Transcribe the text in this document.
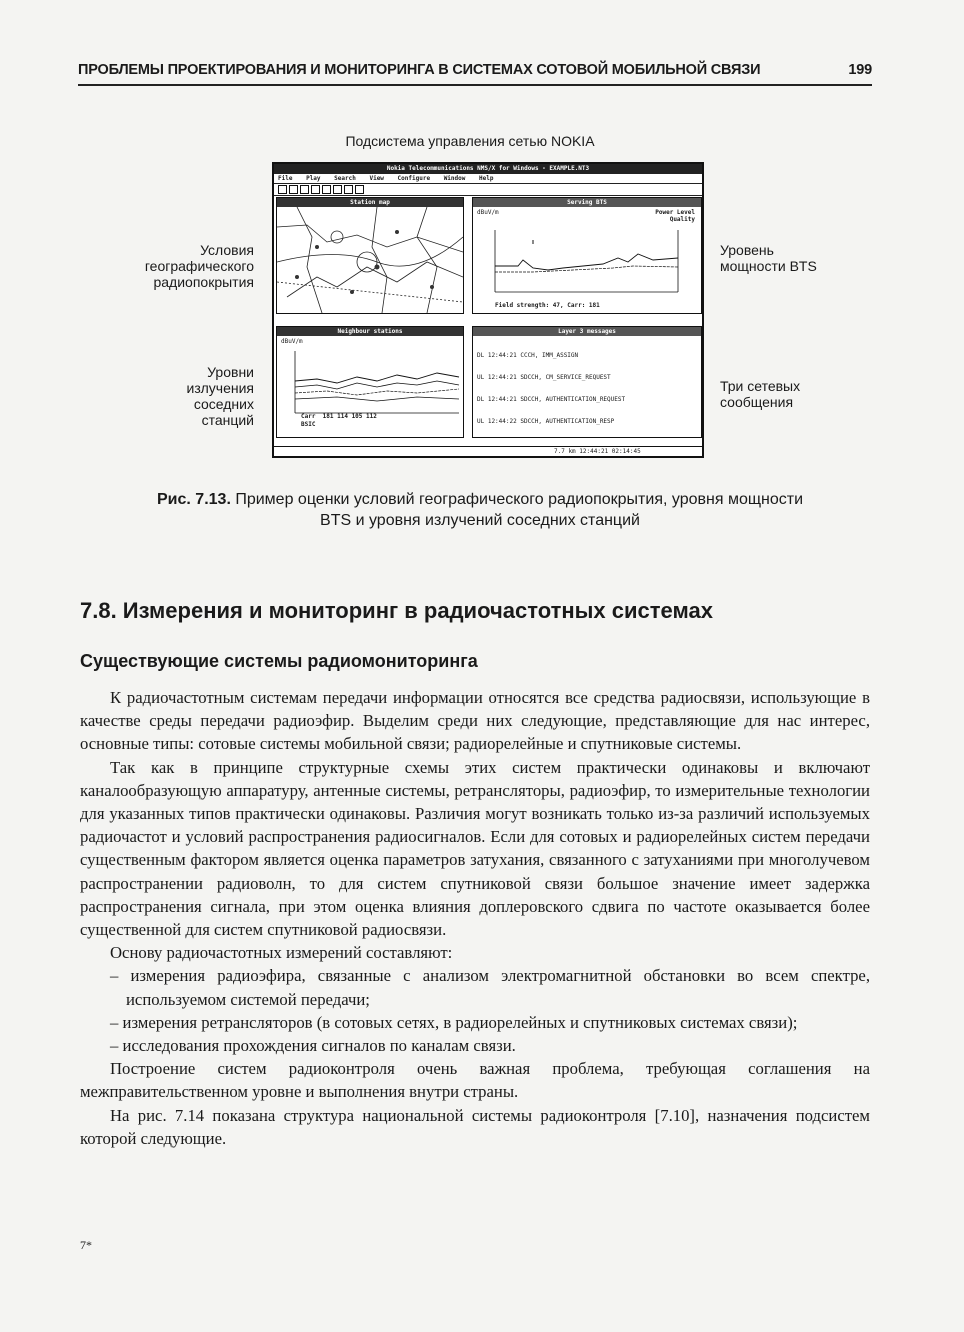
ПРОБЛЕМЫ ПРОЕКТИРОВАНИЯ И МОНИТОРИНГА В СИСТЕМАХ СОТОВОЙ МОБИЛЬНОЙ СВЯЗИ	199
Подсистема управления сетью NOKIA
Условия географического радиопокрытия
Уровни излучения соседних станций
Уровень мощности BTS
Три сетевых сообщения
Nokia Telecommunications NMS/X for Windows - EXAMPLE.NT3
File Play Search View Configure Window Help
Station map	Serving BTS
dBuV/m	Power Level Quality
Field strength: 47, Carr: 181
Neighbour stations
dBuV/m
Carr  181 114 105 112
BSIC
Layer 3 messages

DL 12:44:21 CCCH, IMM_ASSIGN

UL 12:44:21 SDCCH, CM_SERVICE_REQUEST

DL 12:44:21 SDCCH, AUTHENTICATION_REQUEST

UL 12:44:22 SDCCH, AUTHENTICATION_RESP

7.7 km 12:44:21 02:14:45
Рис. 7.13. Пример оценки условий географического радиопокрытия, уровня мощности BTS и уровня излучений соседних станций
7.8. Измерения и мониторинг в радиочастотных системах
Существующие системы радиомониторинга

К радиочастотным системам передачи информации относятся все средства радиосвязи, использующие в качестве среды передачи радиоэфир. Выделим среди них следующие, представляющие для нас интерес, основные типы: сотовые системы мобильной связи; радиорелейные и спутниковые системы.

Так как в принципе структурные схемы этих систем практически одинаковы и включают каналообразующую аппаратуру, антенные системы, ретрансляторы, радиоэфир, то измерительные технологии для указанных типов практически одинаковы. Различия могут возникать только из-за различий используемых радиочастот и условий распространения радиосигналов. Если для сотовых и радиорелейных систем передачи существенным фактором является оценка параметров затухания, связанного с затуханиями при многолучевом распространении радиоволн, то для систем спутниковой связи большое значение имеет задержка распространения сигнала, при этом оценка влияния доплеровского сдвига по частоте оказывается более существенной для систем спутниковой радиосвязи.

Основу радиочастотных измерений составляют:

– измерения радиоэфира, связанные с анализом электромагнитной обстановки во всем спектре, используемом системой передачи;

– измерения ретрансляторов (в сотовых сетях, в радиорелейных и спутниковых системах связи);

– исследования прохождения сигналов по каналам связи.

Построение систем радиоконтроля очень важная проблема, требующая соглашения на межправительственном уровне и выполнения внутри страны.

На рис. 7.14 показана структура национальной системы радиоконтроля [7.10], назначения подсистем которой следующие.

7*
